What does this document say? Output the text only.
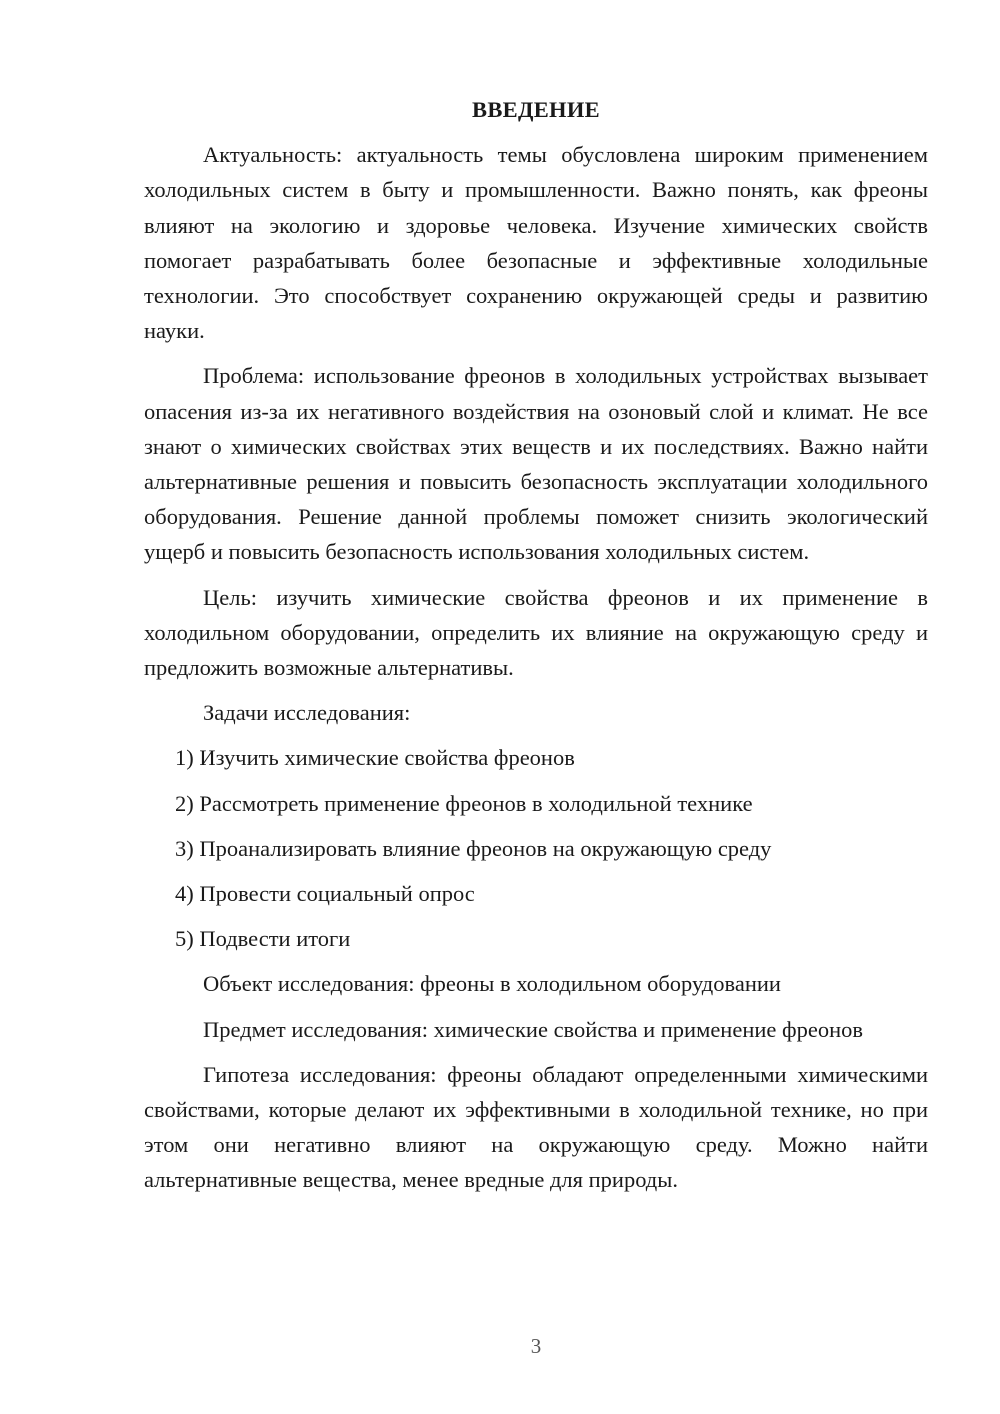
ВВЕДЕНИЕ

Актуальность: актуальность темы обусловлена широким применением холодильных систем в быту и промышленности. Важно понять, как фреоны влияют на экологию и здоровье человека. Изучение химических свойств помогает разрабатывать более безопасные и эффективные холодильные технологии. Это способствует сохранению окружающей среды и развитию науки.

Проблема: использование фреонов в холодильных устройствах вызывает опасения из-за их негативного воздействия на озоновый слой и климат. Не все знают о химических свойствах этих веществ и их последствиях. Важно найти альтернативные решения и повысить безопасность эксплуатации холодильного оборудования. Решение данной проблемы поможет снизить экологический ущерб и повысить безопасность использования холодильных систем.

Цель: изучить химические свойства фреонов и их применение в холодильном оборудовании, определить их влияние на окружающую среду и предложить возможные альтернативы.

Задачи исследования:
1) Изучить химические свойства фреонов
2) Рассмотреть применение фреонов в холодильной технике
3) Проанализировать влияние фреонов на окружающую среду
4) Провести социальный опрос
5) Подвести итоги
Объект исследования: фреоны в холодильном оборудовании
Предмет исследования: химические свойства и применение фреонов

Гипотеза исследования: фреоны обладают определенными химическими свойствами, которые делают их эффективными в холодильной технике, но при этом они негативно влияют на окружающую среду. Можно найти альтернативные вещества, менее вредные для природы.

3
